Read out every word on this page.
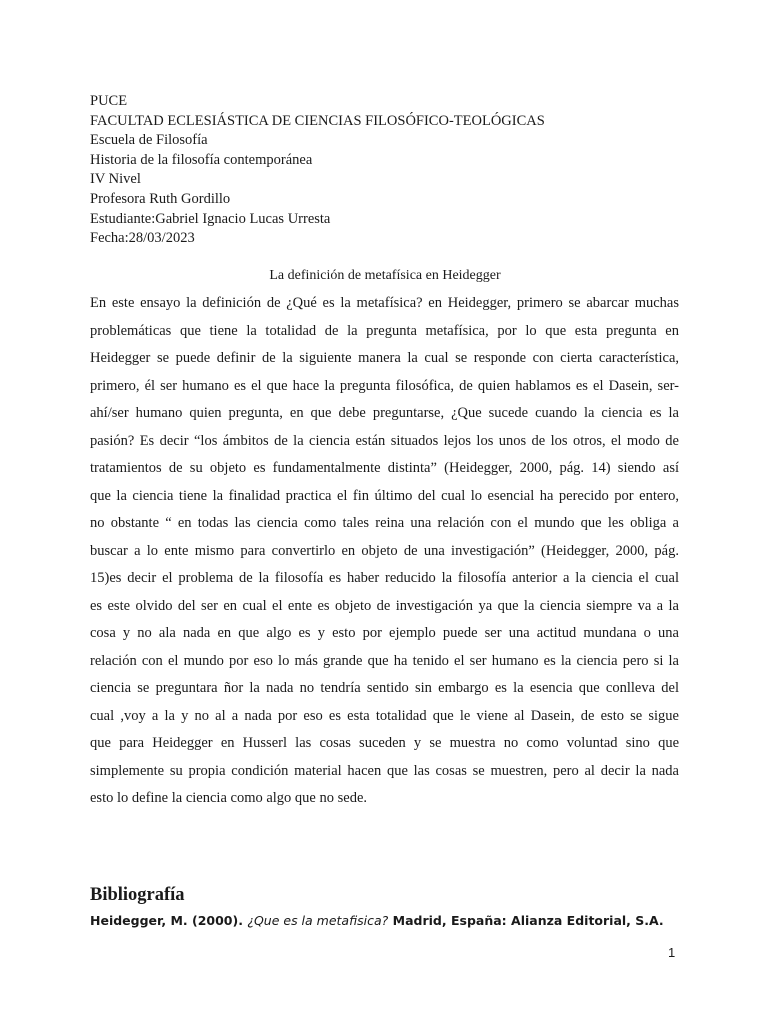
PUCE
FACULTAD ECLESIÁSTICA DE CIENCIAS FILOSÓFICO-TEOLÓGICAS
Escuela de Filosofía
Historia de la filosofía contemporánea
IV Nivel
Profesora Ruth Gordillo
Estudiante:Gabriel Ignacio Lucas Urresta
Fecha:28/03/2023
La definición de metafísica en Heidegger
En este ensayo la definición de ¿Qué es la metafísica? en Heidegger, primero se abarcar muchas
problemáticas que tiene la totalidad de la pregunta metafísica, por lo que esta pregunta en
Heidegger se puede definir de la siguiente manera la cual se responde con cierta característica,
primero, él ser humano es el que hace la pregunta filosófica, de quien hablamos es el Dasein, ser-
ahí/ser humano quien pregunta, en que debe preguntarse, ¿Que sucede cuando la ciencia es la
pasión? Es decir “los ámbitos de la ciencia están situados lejos los unos de los otros, el modo de
tratamientos de su objeto es fundamentalmente distinta” (Heidegger, 2000, pág. 14) siendo así
que la ciencia tiene la finalidad practica el fin último del cual lo esencial ha perecido por entero,
no obstante “ en todas las ciencia como tales reina una relación con el mundo que les obliga a
buscar a lo ente mismo para convertirlo en objeto de una investigación” (Heidegger, 2000, pág.
15)es decir el problema de la filosofía es haber reducido la filosofía anterior a la ciencia el cual
es este olvido del ser en cual el ente es objeto de investigación ya que la ciencia siempre va a la
cosa y no ala nada en que algo es y esto por ejemplo puede ser una actitud mundana o una
relación con el mundo por eso lo más grande que ha tenido el ser humano es la ciencia pero si la
ciencia se preguntara ñor la nada no tendría sentido sin embargo es la esencia que conlleva del
cual ,voy a la y no al a nada por eso es esta totalidad que le viene al Dasein, de esto se sigue
que para Heidegger en Husserl las cosas suceden y se muestra no como voluntad sino que
simplemente su propia condición material hacen que las cosas se muestren, pero al decir la nada
esto lo define la ciencia como algo que no sede.
Bibliografía
Heidegger, M. (2000). ¿Que es la metafisica? Madrid, España: Alianza Editorial, S.A.
1
